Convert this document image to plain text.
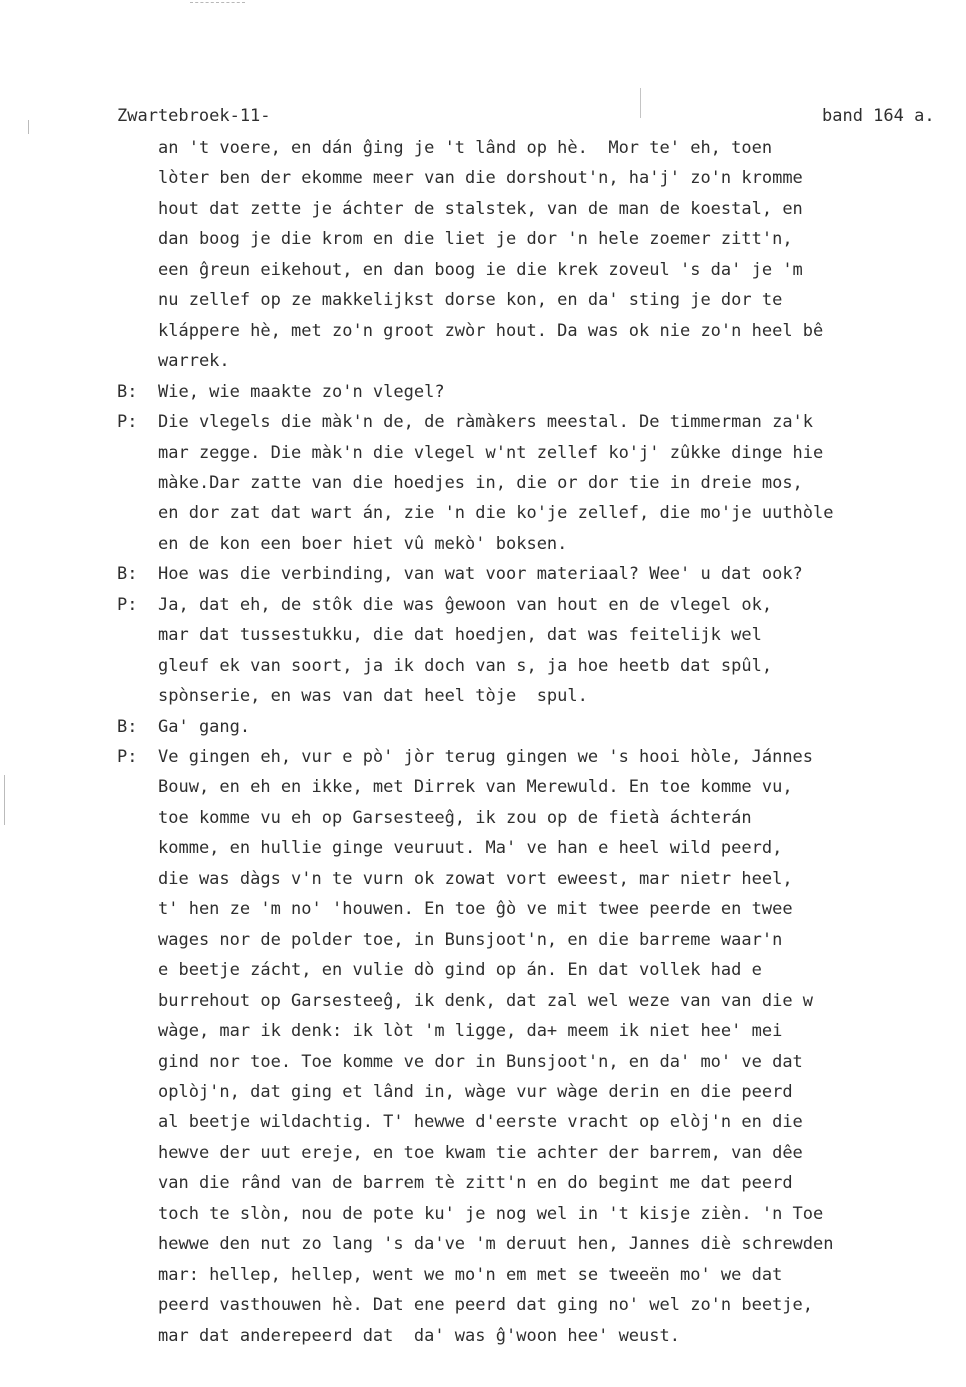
Zwartebroek-11-	band 164 a.
an 't voere, en dán ĝing je 't lând op hè.  Mor te' eh, toen
lòter ben der ekomme meer van die dorshout'n, ha'j' zo'n kromme
hout dat zette je áchter de stalstek, van de man de koestal, en
dan boog je die krom en die liet je dor 'n hele zoemer zitt'n,
een ĝreun eikehout, en dan boog ie die krek zoveul 's da' je 'm
nu zellef op ze makkelijkst dorse kon, en da' sting je dor te
kláppere hè, met zo'n groot zwòr hout. Da was ok nie zo'n heel bê
warrek.
B: Wie, wie maakte zo'n vlegel?
P: Die vlegels die màk'n de, de ràmàkers meestal. De timmerman za'k
mar zegge. Die màk'n die vlegel w'nt zellef ko'j' zûkke dinge hie
màke.Dar zatte van die hoedjes in, die or dor tie in dreie mos,
en dor zat dat wart án, zie 'n die ko'je zellef, die mo'je uuthòle
en de kon een boer hiet vû mekò' boksen.
B: Hoe was die verbinding, van wat voor materiaal? Wee' u dat ook?
P: Ja, dat eh, de stôk die was ĝewoon van hout en de vlegel ok,
mar dat tussestukku, die dat hoedjen, dat was feitelijk wel
gleuf ek van soort, ja ik doch van s, ja hoe heetb dat spûl,
spònserie, en was van dat heel tòje  spul.
B: Ga' gang.
P: Ve gingen eh, vur e pò' jòr terug gingen we 's hooi hòle, Jánnes
Bouw, en eh en ikke, met Dirrek van Merewuld. En toe komme vu,
toe komme vu eh op Garsesteeĝ, ik zou op de fietà áchterán
komme, en hullie ginge veuruut. Ma' ve han e heel wild peerd,
die was dàgs v'n te vurn ok zowat vort eweest, mar nietr heel,
t' hen ze 'm no' 'houwen. En toe ĝò ve mit twee peerde en twee
wages nor de polder toe, in Bunsjoot'n, en die barreme waar'n
e beetje zácht, en vulie dò gind op án. En dat vollek had e
burrehout op Garsesteeĝ, ik denk, dat zal wel weze van van die w
wàge, mar ik denk: ik lòt 'm ligge, da+ meem ik niet hee' mei
gind nor toe. Toe komme ve dor in Bunsjoot'n, en da' mo' ve dat
oplòj'n, dat ging et lând in, wàge vur wàge derin en die peerd
al beetje wildachtig. T' hewwe d'eerste vracht op elòj'n en die
hewve der uut ereje, en toe kwam tie achter der barrem, van dêe
van die rând van de barrem tè zitt'n en do begint me dat peerd
toch te slòn, nou de pote ku' je nog wel in 't kisje zièn. 'n Toe
hewwe den nut zo lang 's da've 'm deruut hen, Jannes diè schrewden
mar: hellep, hellep, went we mo'n em met se tweeën mo' we dat
peerd vasthouwen hè. Dat ene peerd dat ging no' wel zo'n beetje,
mar dat anderepeerd dat  da' was ĝ'woon hee' weust.
